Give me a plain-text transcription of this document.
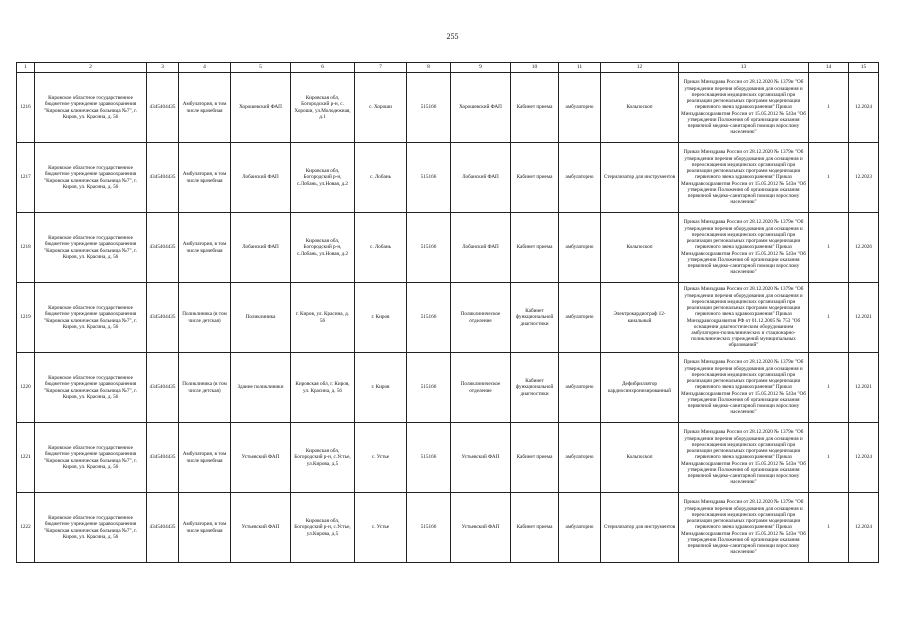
255
1	2	3	4	5	6	7	8	9	10	11	12	13	14	15
1216	Кировское областное государственное бюджетное учреждение здравоохранения "Кировская клиническая больница №7", г. Киров, ул. Красина, д. 56	4345404435	Амбулатория, в том числе врачебная	Хорошевский ФАП	Кировская обл, Богородский р-н, с. Хороши, ул.Молодежная, д.1	с. Хороши	515166	Хорошевский ФАП	Кабинет приема	амбулаторно	Кольпоскоп	Приказ Минздрава России от 28.12.2020 № 1379н "Об утверждении перечня оборудования для оснащения и переоснащения медицинских организаций при реализации региональных программ модернизации первичного звена здравоохранения" Приказ Минздравсоцразвития России от 15.05.2012 № 543н "Об утверждении Положения об организации оказания первичной медико-санитарной помощи взрослому населению"	1	12.2024
1217	Кировское областное государственное бюджетное учреждение здравоохранения "Кировская клиническая больница №7", г. Киров, ул. Красина, д. 56	4345404435	Амбулатория, в том числе врачебная	Лобанский ФАП	Кировская обл, Богородский р-н, с.Лобань, ул.Новая, д.2	с. Лобань	515166	Лобанский ФАП	Кабинет приема	амбулаторно	Стерилизатор для инструментов	Приказ Минздрава России от 28.12.2020 № 1379н "Об утверждении перечня оборудования для оснащения и переоснащения медицинских организаций при реализации региональных программ модернизации первичного звена здравоохранения" Приказ Минздравсоцразвития России от 15.05.2012 № 543н "Об утверждении Положения об организации оказания первичной медико-санитарной помощи взрослому населению"	1	12.2023
1218	Кировское областное государственное бюджетное учреждение здравоохранения "Кировская клиническая больница №7", г. Киров, ул. Красина, д. 56	4345404435	Амбулатория, в том числе врачебная	Лобанский ФАП	Кировская обл, Богородский р-н, с.Лобань, ул.Новая, д.2	с. Лобань	515166	Лобанский ФАП	Кабинет приема	амбулаторно	Кольпоскоп	Приказ Минздрава России от 28.12.2020 № 1379н "Об утверждении перечня оборудования для оснащения и переоснащения медицинских организаций при реализации региональных программ модернизации первичного звена здравоохранения" Приказ Минздравсоцразвития России от 15.05.2012 № 543н "Об утверждении Положения об организации оказания первичной медико-санитарной помощи взрослому населению"	1	12.2026
1219	Кировское областное государственное бюджетное учреждение здравоохранения "Кировская клиническая больница №7", г. Киров, ул. Красина, д. 56	4345404435	Поликлиника (в том числе детская)	Поликлиника	г. Киров, ул. Красина, д. 56	г. Киров	515166	Поликлиническое отделение	Кабинет функциональной диагностики	амбулаторно	Электрокардиограф 12-канальный	Приказ Минздрава России от 28.12.2020 № 1379н "Об утверждении перечня оборудования для оснащения и переоснащения медицинских организаций при реализации региональных программ модернизации первичного звена здравоохранения" Приказ Минздравсоцразвития РФ от 01.12.2005 № 753 "Об оснащении диагностическим оборудованием амбулаторно-поликлинических и стационарно-поликлинических учреждений муниципальных образований"	1	12.2021
1220	Кировское областное государственное бюджетное учреждение здравоохранения "Кировская клиническая больница №7", г. Киров, ул. Красина, д. 56	4345404435	Поликлиника (в том числе детская)	Здание поликлиники	Кировская обл, г. Киров, ул. Красина, д. 56	г. Киров	515166	Поликлиническое отделение	Кабинет функциональной диагностики	амбулаторно	Дефибриллятор кардиосинхронизированный	Приказ Минздрава России от 28.12.2020 № 1379н "Об утверждении перечня оборудования для оснащения и переоснащения медицинских организаций при реализации региональных программ модернизации первичного звена здравоохранения" Приказ Минздравсоцразвития России от 15.05.2012 № 543н "Об утверждении Положения об организации оказания первичной медико-санитарной помощи взрослому населению"	1	12.2021
1221	Кировское областное государственное бюджетное учреждение здравоохранения "Кировская клиническая больница №7", г. Киров, ул. Красина, д. 56	4345404435	Амбулатория, в том числе врачебная	Устьевский ФАП	Кировская обл, Богородский р-н, с.Устье, ул.Кирова, д.5	с. Устье	515166	Устьевский ФАП	Кабинет приема	амбулаторно	Кольпоскоп	Приказ Минздрава России от 28.12.2020 № 1379н "Об утверждении перечня оборудования для оснащения и переоснащения медицинских организаций при реализации региональных программ модернизации первичного звена здравоохранения" Приказ Минздравсоцразвития России от 15.05.2012 № 543н "Об утверждении Положения об организации оказания первичной медико-санитарной помощи взрослому населению"	1	12.2024
1222	Кировское областное государственное бюджетное учреждение здравоохранения "Кировская клиническая больница №7", г. Киров, ул. Красина, д. 56	4345404435	Амбулатория, в том числе врачебная	Устьевский ФАП	Кировская обл, Богородский р-н, с.Устье, ул.Кирова, д.5	с. Устье	515166	Устьевский ФАП	Кабинет приема	амбулаторно	Стерилизатор для инструментов	Приказ Минздрава России от 28.12.2020 № 1379н "Об утверждении перечня оборудования для оснащения и переоснащения медицинских организаций при реализации региональных программ модернизации первичного звена здравоохранения" Приказ Минздравсоцразвития России от 15.05.2012 № 543н "Об утверждении Положения об организации оказания первичной медико-санитарной помощи взрослому населению"	1	12.2024
